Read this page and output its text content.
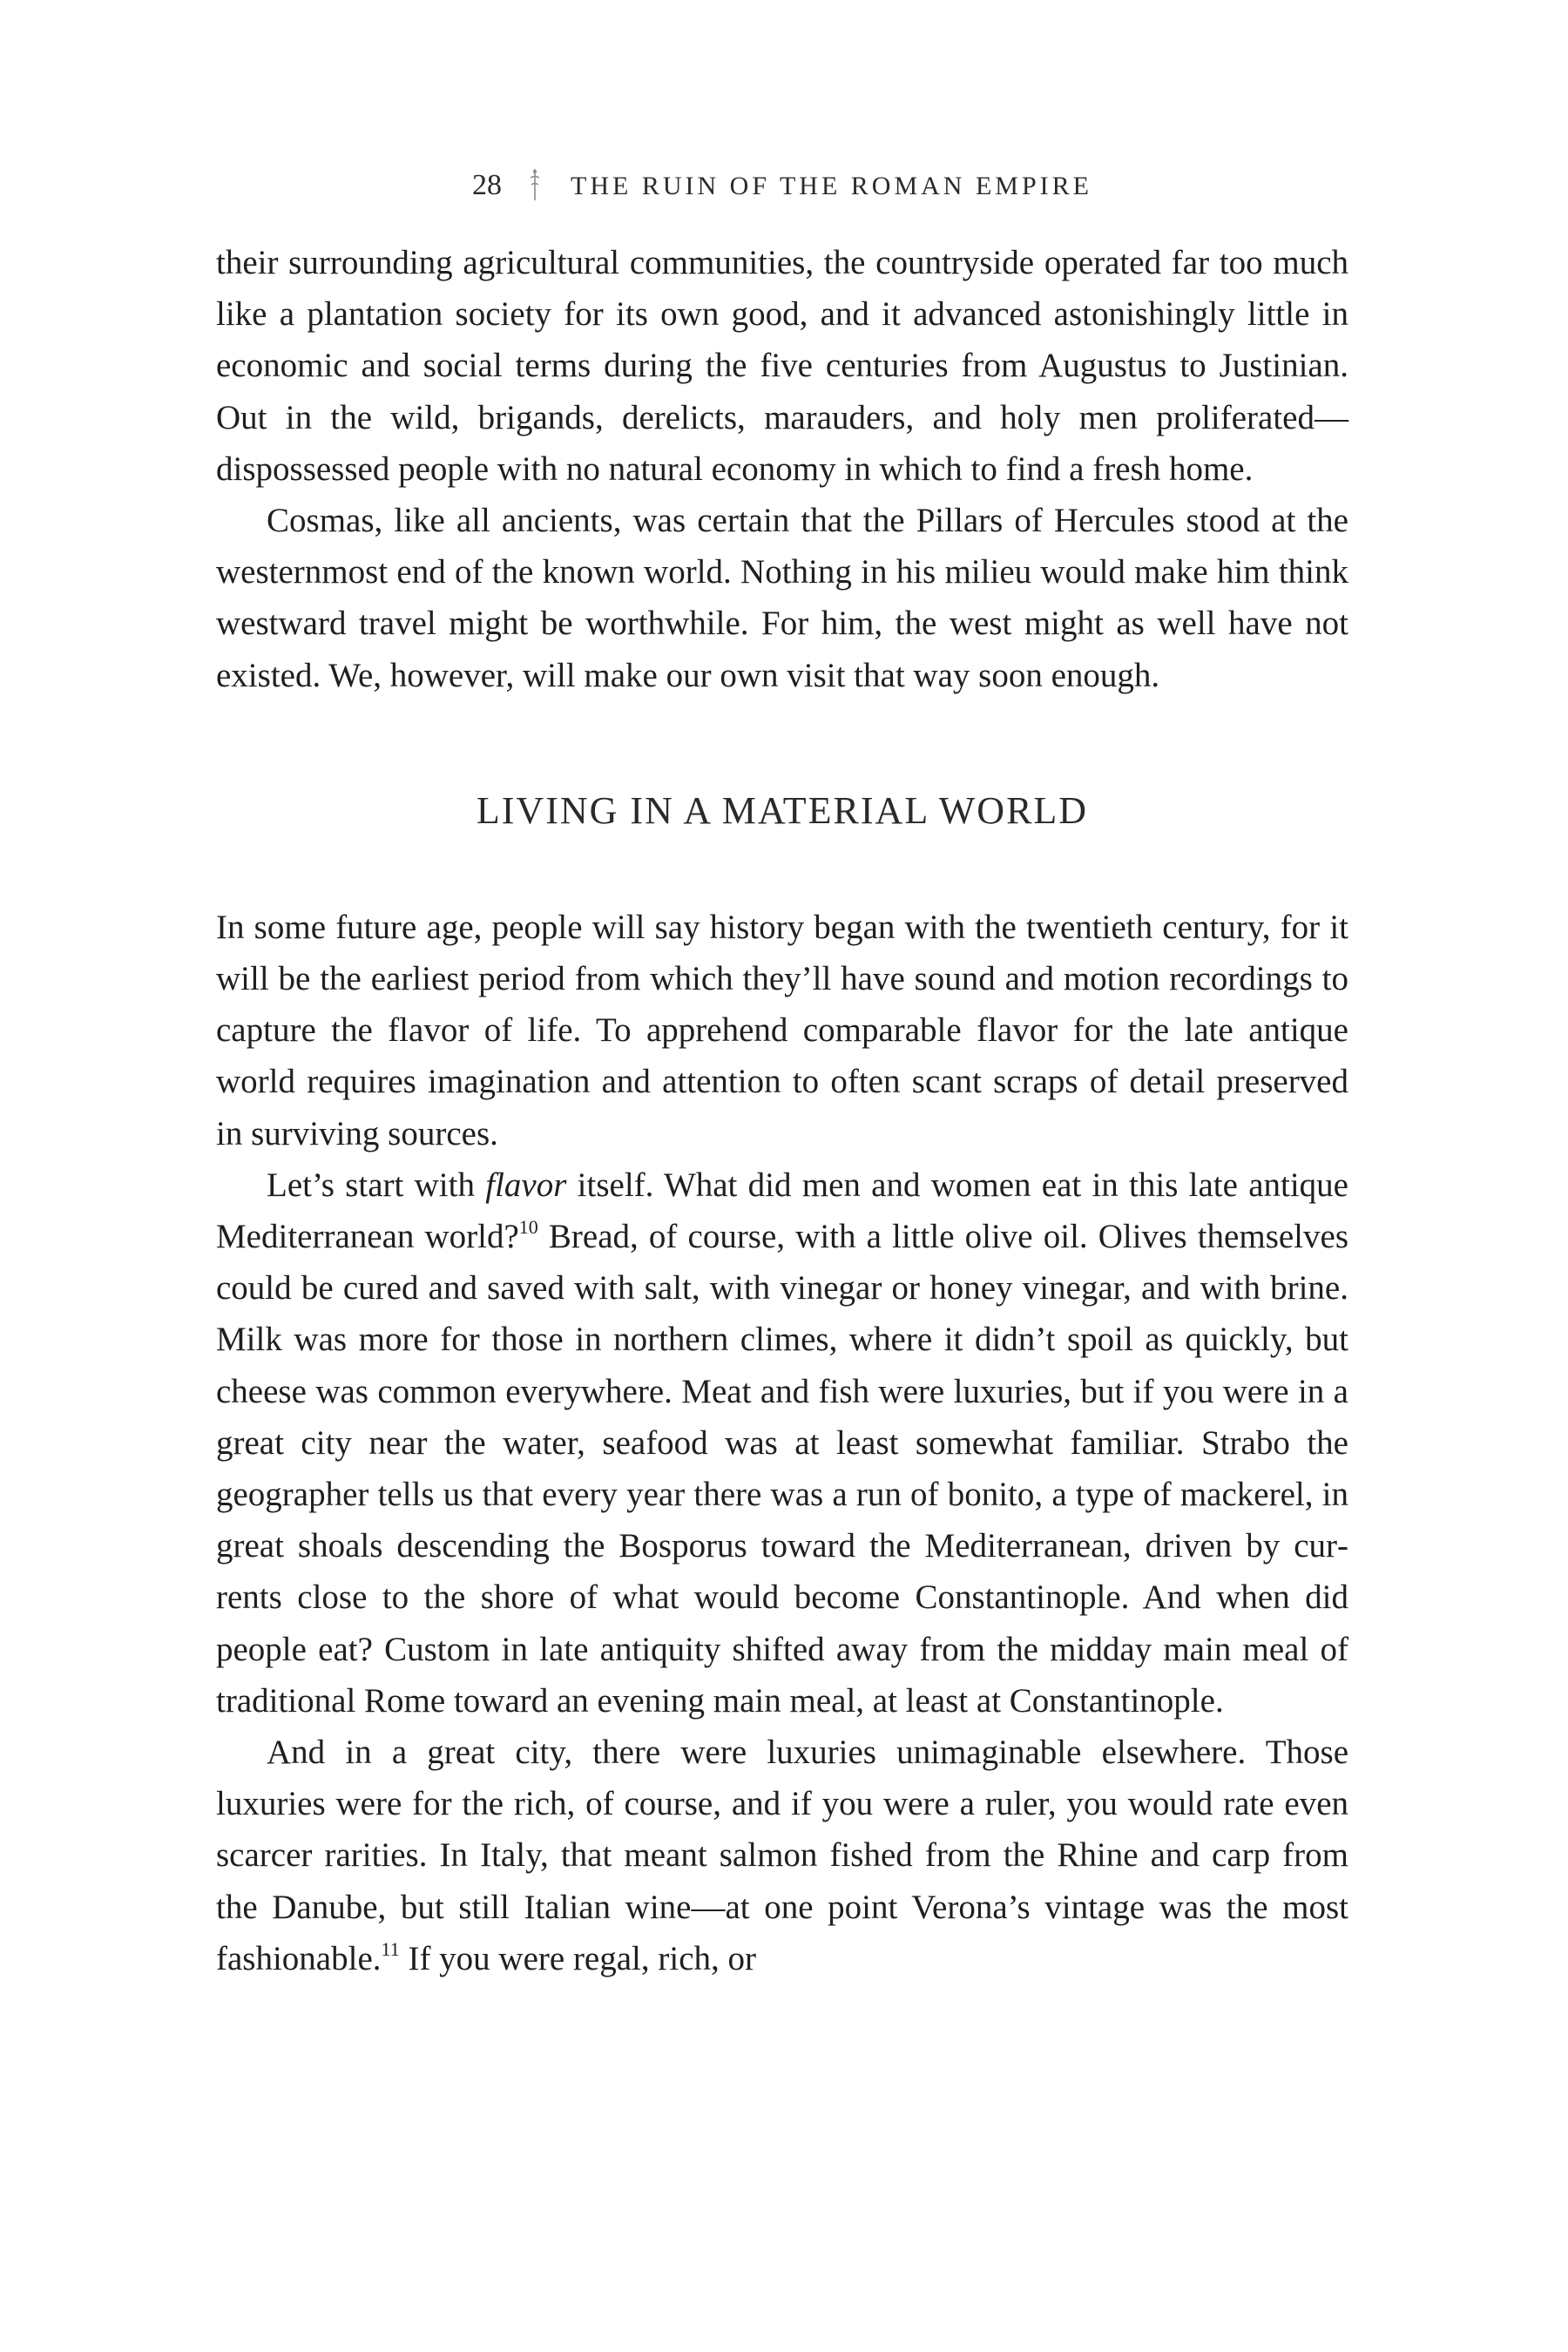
28	THE RUIN OF THE ROMAN EMPIRE

their surrounding agricultural communities, the countryside operated far too much like a plantation society for its own good, and it advanced astonishingly little in economic and social terms during the five centuries from Augustus to Justinian. Out in the wild, brigands, derelicts, marauders, and holy men proliferated—dispossessed people with no natural economy in which to find a fresh home.

Cosmas, like all ancients, was certain that the Pillars of Hercules stood at the westernmost end of the known world. Nothing in his milieu would make him think westward travel might be worthwhile. For him, the west might as well have not existed. We, however, will make our own visit that way soon enough.

LIVING IN A MATERIAL WORLD

In some future age, people will say history began with the twentieth century, for it will be the earliest period from which they’ll have sound and motion recordings to capture the flavor of life. To apprehend comparable flavor for the late antique world requires imagination and attention to often scant scraps of detail preserved in surviving sources.

Let’s start with flavor itself. What did men and women eat in this late antique Mediterranean world?$^{10}$ Bread, of course, with a little olive oil. Olives themselves could be cured and saved with salt, with vinegar or honey vinegar, and with brine. Milk was more for those in northern climes, where it didn’t spoil as quickly, but cheese was common everywhere. Meat and fish were luxuries, but if you were in a great city near the water, seafood was at least somewhat familiar. Strabo the geographer tells us that every year there was a run of bonito, a type of mackerel, in great shoals descending the Bosporus toward the Mediterranean, driven by currents close to the shore of what would become Constantinople. And when did people eat? Custom in late antiquity shifted away from the midday main meal of traditional Rome toward an evening main meal, at least at Constantinople.

And in a great city, there were luxuries unimaginable elsewhere. Those luxuries were for the rich, of course, and if you were a ruler, you would rate even scarcer rarities. In Italy, that meant salmon fished from the Rhine and carp from the Danube, but still Italian wine—at one point Verona’s vintage was the most fashionable.$^{11}$ If you were regal, rich, or
